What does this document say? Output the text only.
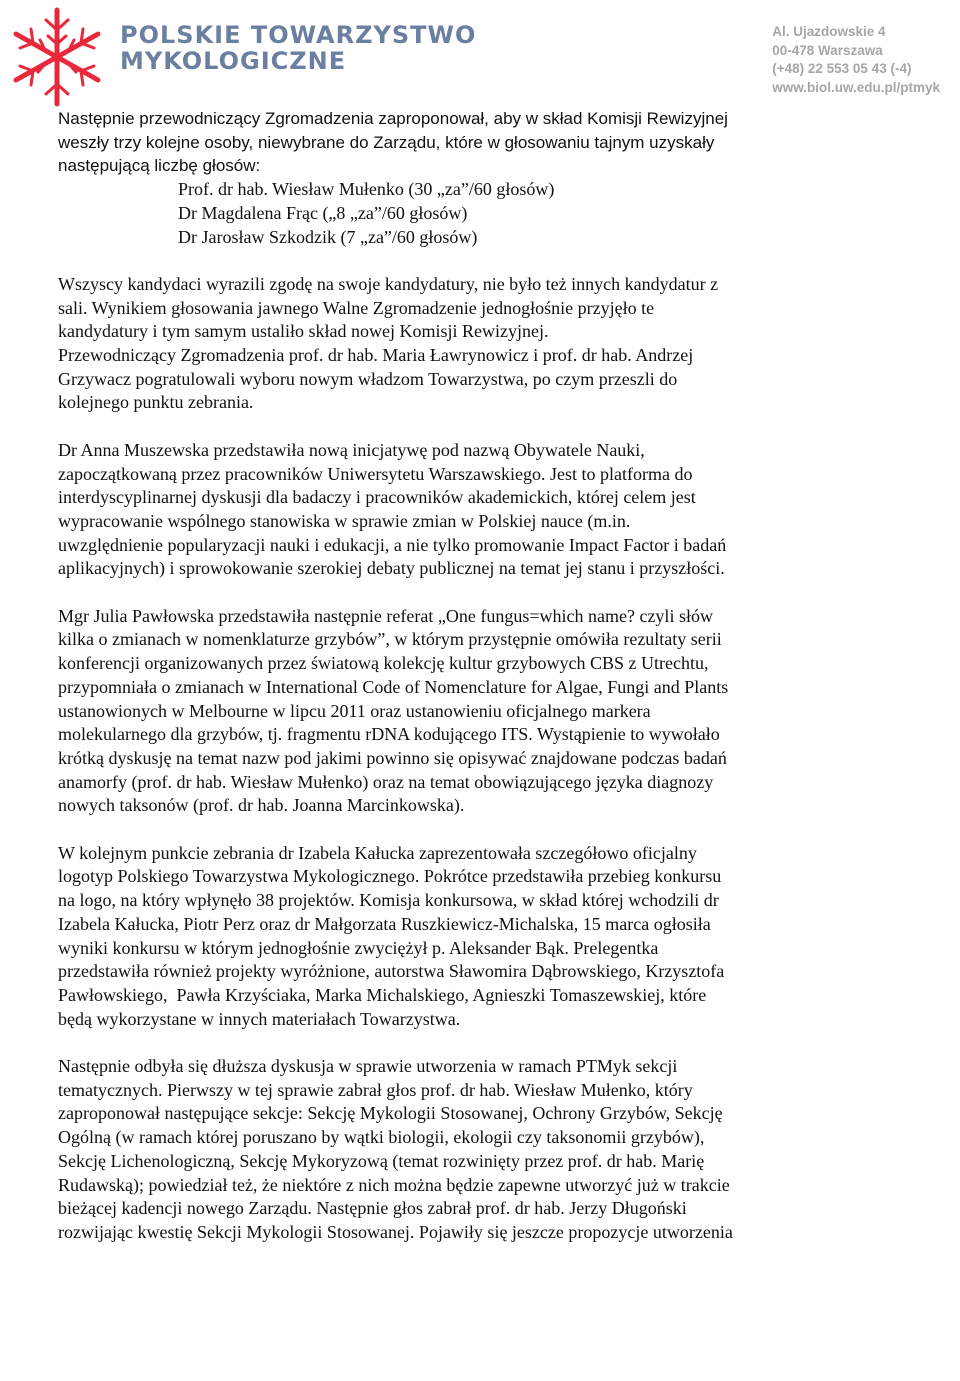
POLSKIE TOWARZYSTWO
MYKOLOGICZNE
Al. Ujazdowskie 4
00-478 Warszawa
(+48) 22 553 05 43 (-4)
www.biol.uw.edu.pl/ptmyk

Następnie przewodniczący Zgromadzenia zaproponował, aby w skład Komisji Rewizyjnej

weszły trzy kolejne osoby, niewybrane do Zarządu, które w głosowaniu tajnym uzyskały

następującą liczbę głosów:

Prof. dr hab. Wiesław Mułenko (30 „za”/60 głosów)

Dr Magdalena Frąc („8 „za”/60 głosów)

Dr Jarosław Szkodzik (7 „za”/60 głosów)

Wszyscy kandydaci wyrazili zgodę na swoje kandydatury, nie było też innych kandydatur z

sali. Wynikiem głosowania jawnego Walne Zgromadzenie jednogłośnie przyjęło te

kandydatury i tym samym ustaliło skład nowej Komisji Rewizyjnej.

Przewodniczący Zgromadzenia prof. dr hab. Maria Ławrynowicz i prof. dr hab. Andrzej

Grzywacz pogratulowali wyboru nowym władzom Towarzystwa, po czym przeszli do

kolejnego punktu zebrania.

Dr Anna Muszewska przedstawiła nową inicjatywę pod nazwą Obywatele Nauki,

zapoczątkowaną przez pracowników Uniwersytetu Warszawskiego. Jest to platforma do

interdyscyplinarnej dyskusji dla badaczy i pracowników akademickich, której celem jest

wypracowanie wspólnego stanowiska w sprawie zmian w Polskiej nauce (m.in.

uwzględnienie popularyzacji nauki i edukacji, a nie tylko promowanie Impact Factor i badań

aplikacyjnych) i sprowokowanie szerokiej debaty publicznej na temat jej stanu i przyszłości.

Mgr Julia Pawłowska przedstawiła następnie referat „One fungus=which name? czyli słów

kilka o zmianach w nomenklaturze grzybów”, w którym przystępnie omówiła rezultaty serii

konferencji organizowanych przez światową kolekcję kultur grzybowych CBS z Utrechtu,

przypomniała o zmianach w International Code of Nomenclature for Algae, Fungi and Plants

ustanowionych w Melbourne w lipcu 2011 oraz ustanowieniu oficjalnego markera

molekularnego dla grzybów, tj. fragmentu rDNA kodującego ITS. Wystąpienie to wywołało

krótką dyskusję na temat nazw pod jakimi powinno się opisywać znajdowane podczas badań

anamorfy (prof. dr hab. Wiesław Mułenko) oraz na temat obowiązującego języka diagnozy

nowych taksonów (prof. dr hab. Joanna Marcinkowska).

W kolejnym punkcie zebrania dr Izabela Kałucka zaprezentowała szczegółowo oficjalny

logotyp Polskiego Towarzystwa Mykologicznego. Pokrótce przedstawiła przebieg konkursu

na logo, na który wpłynęło 38 projektów. Komisja konkursowa, w skład której wchodzili dr

Izabela Kałucka, Piotr Perz oraz dr Małgorzata Ruszkiewicz-Michalska, 15 marca ogłosiła

wyniki konkursu w którym jednogłośnie zwyciężył p. Aleksander Bąk. Prelegentka

przedstawiła również projekty wyróżnione, autorstwa Sławomira Dąbrowskiego, Krzysztofa

Pawłowskiego,  Pawła Krzyściaka, Marka Michalskiego, Agnieszki Tomaszewskiej, które

będą wykorzystane w innych materiałach Towarzystwa.

Następnie odbyła się dłuższa dyskusja w sprawie utworzenia w ramach PTMyk sekcji

tematycznych. Pierwszy w tej sprawie zabrał głos prof. dr hab. Wiesław Mułenko, który

zaproponował następujące sekcje: Sekcję Mykologii Stosowanej, Ochrony Grzybów, Sekcję

Ogólną (w ramach której poruszano by wątki biologii, ekologii czy taksonomii grzybów),

Sekcję Lichenologiczną, Sekcję Mykoryzową (temat rozwinięty przez prof. dr hab. Marię

Rudawską); powiedział też, że niektóre z nich można będzie zapewne utworzyć już w trakcie

bieżącej kadencji nowego Zarządu. Następnie głos zabrał prof. dr hab. Jerzy Długoński

rozwijając kwestię Sekcji Mykologii Stosowanej. Pojawiły się jeszcze propozycje utworzenia
